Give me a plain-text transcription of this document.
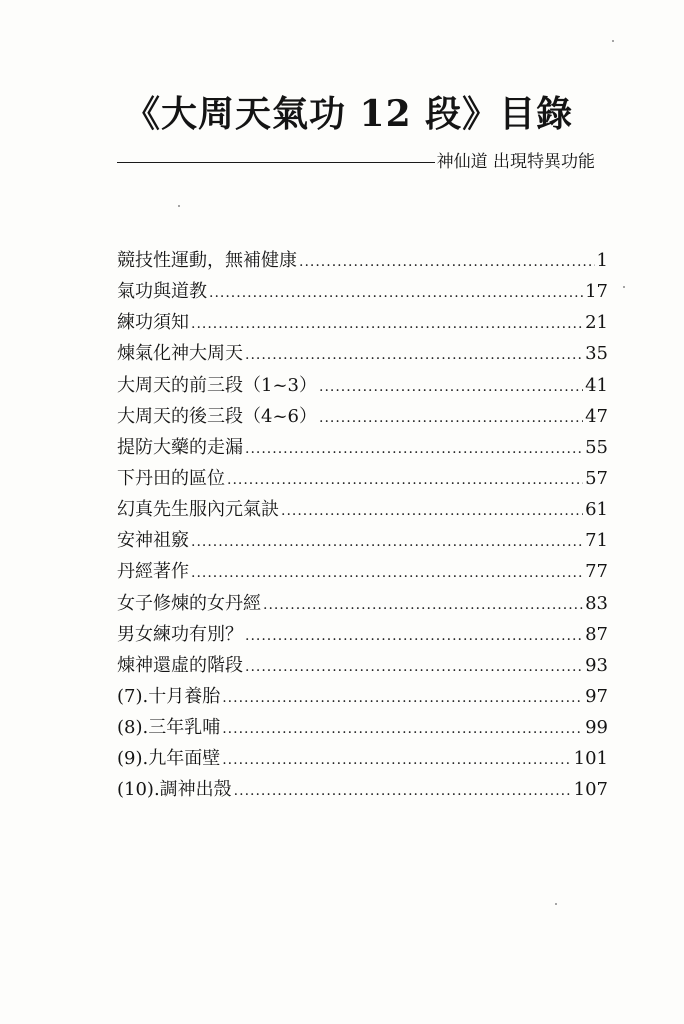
《大周天氣功 12 段》目錄
神仙道 出現特異功能
競技性運動，無補健康 .....	1
氣功與道教 .....	17
練功須知 .....	21
煉氣化神大周天 .....	35
大周天的前三段（1~3） .....	41
大周天的後三段（4~6） .....	47
提防大藥的走漏 .....	55
下丹田的區位 .....	57
幻真先生服內元氣訣 .....	61
安神祖竅 .....	71
丹經著作 .....	77
女子修煉的女丹經 .....	83
男女練功有別？ .....	87
煉神還虛的階段 .....	93
(7).十月養胎 .....	97
(8).三年乳哺 .....	99
(9).九年面壁 .....	101
(10).調神出殼 .....	107
